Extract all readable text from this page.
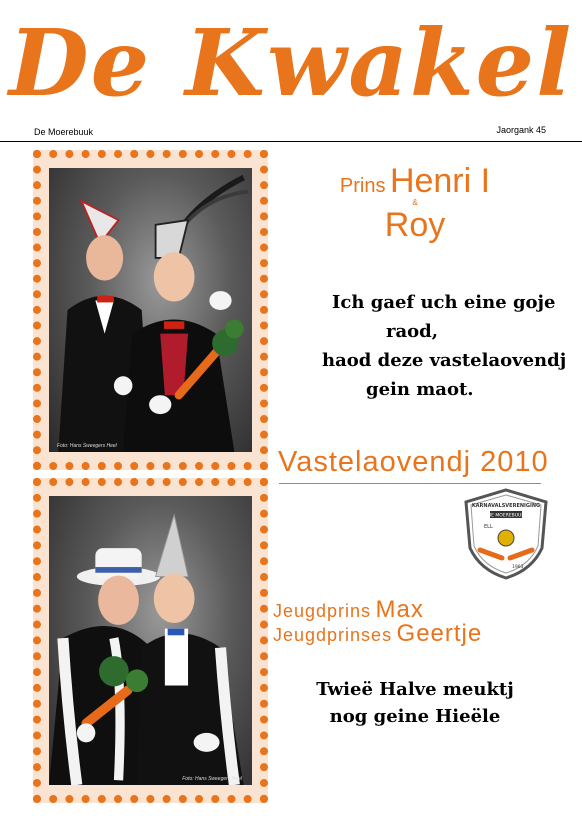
De Kwakel
De Moerebuuk	Jaorgank 45
Foto: Hans Sweegers Heel
Foto: Hans Sweegers Heel
Prins Henri I
&
Roy
Ich gaef uch eine goje
raod,
haod deze vastelaovendj
gein maot.
Vastelaovendj 2010
KARNAVALSVERENIGING
DE MOEREBUUK
ELL
1963
Jeugdprins Max
Jeugdprinses Geertje
Twieë Halve meuktj
nog geine Hieële
